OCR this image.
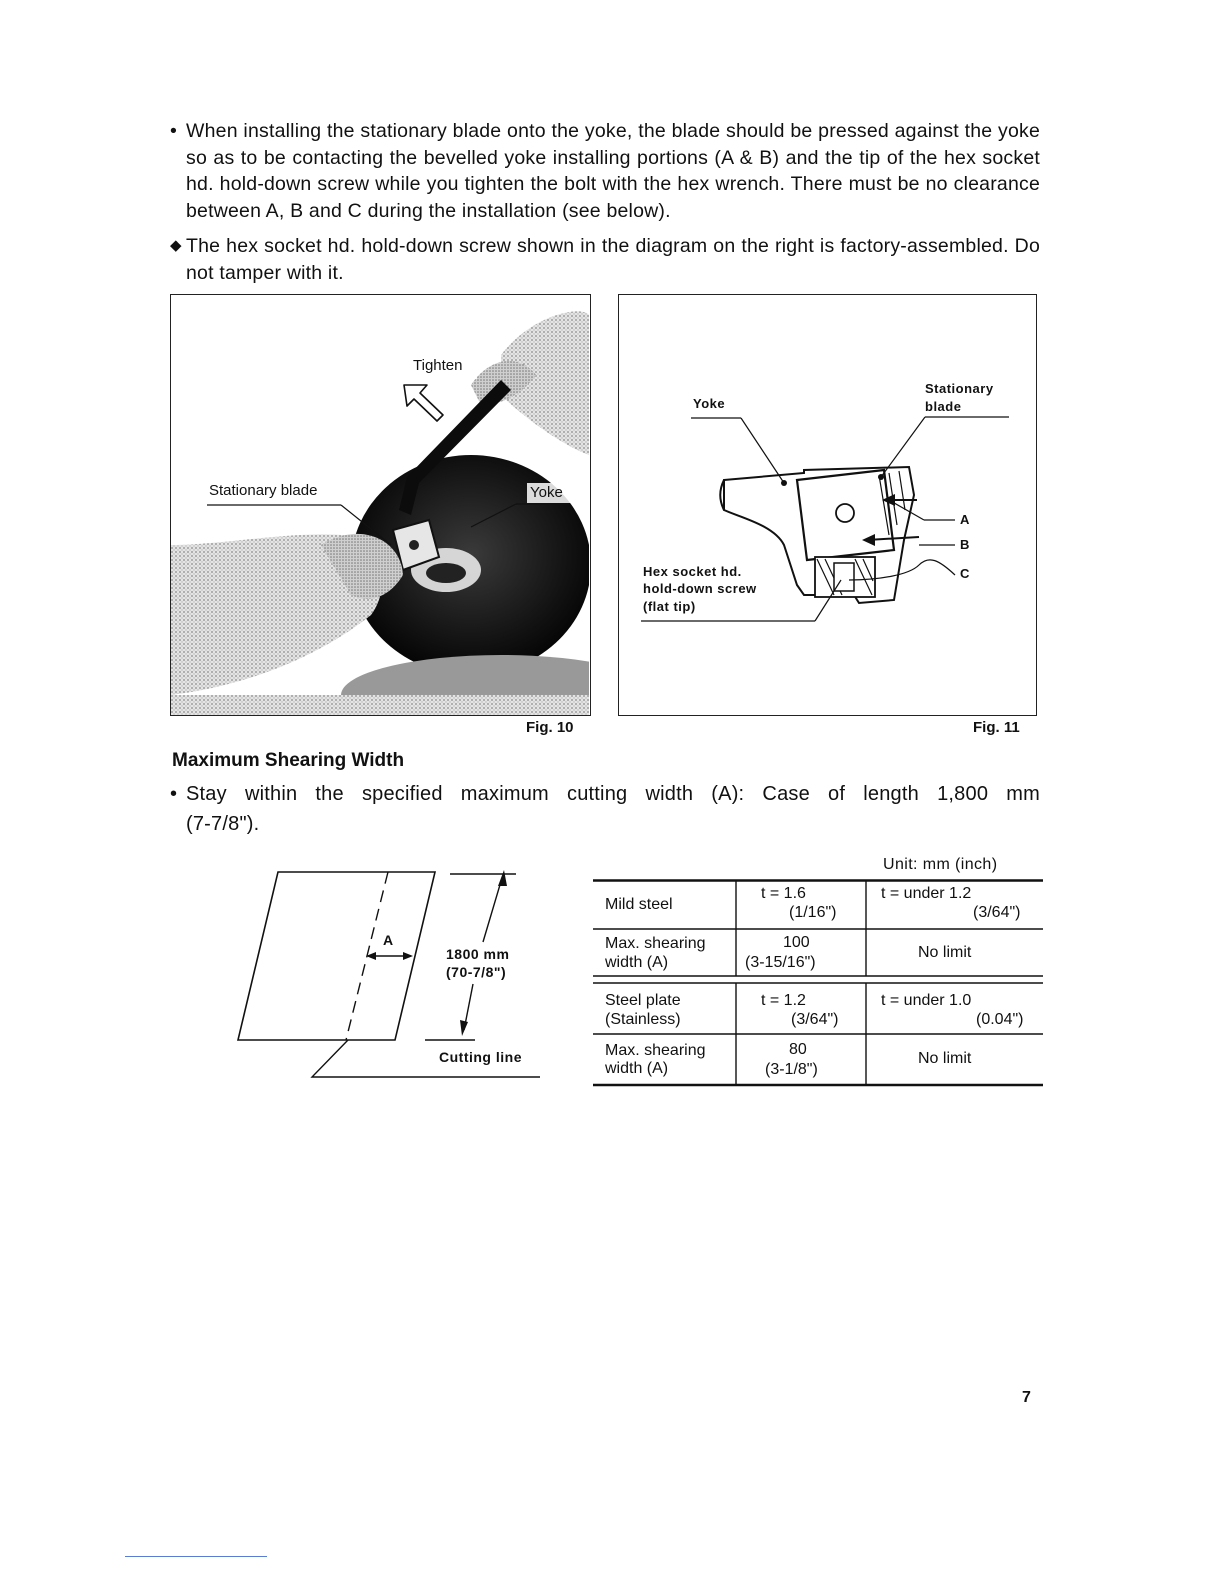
• When installing the stationary blade onto the yoke, the blade should be pressed against the yoke so as to be contacting the bevelled yoke installing portions (A & B) and the tip of the hex socket hd. hold-down screw while you tighten the bolt with the hex wrench. There must be no clearance between A, B and C during the installation (see below).
◆ The hex socket hd. hold-down screw shown in the diagram on the right is factory-assembled. Do not tamper with it.
Tighten
Stationary blade	Yoke
Fig. 10
Yoke
Stationary
blade
A
B
C
Hex socket hd.
hold-down screw
(flat tip)
Fig. 11
Maximum Shearing Width
• Stay within the specified maximum cutting width (A): Case of length 1,800 mm
(7-7/8").
A
1800 mm
(70-7/8")
Cutting line
Unit: mm (inch)
Mild steel
t = 1.6
(1/16")
t = under 1.2
(3/64")
Max. shearing
width (A)
100
(3-15/16")
No limit
Steel plate
(Stainless)
t = 1.2
(3/64")
t = under 1.0
(0.04")
Max. shearing
width (A)
80
(3-1/8")
No limit
7
